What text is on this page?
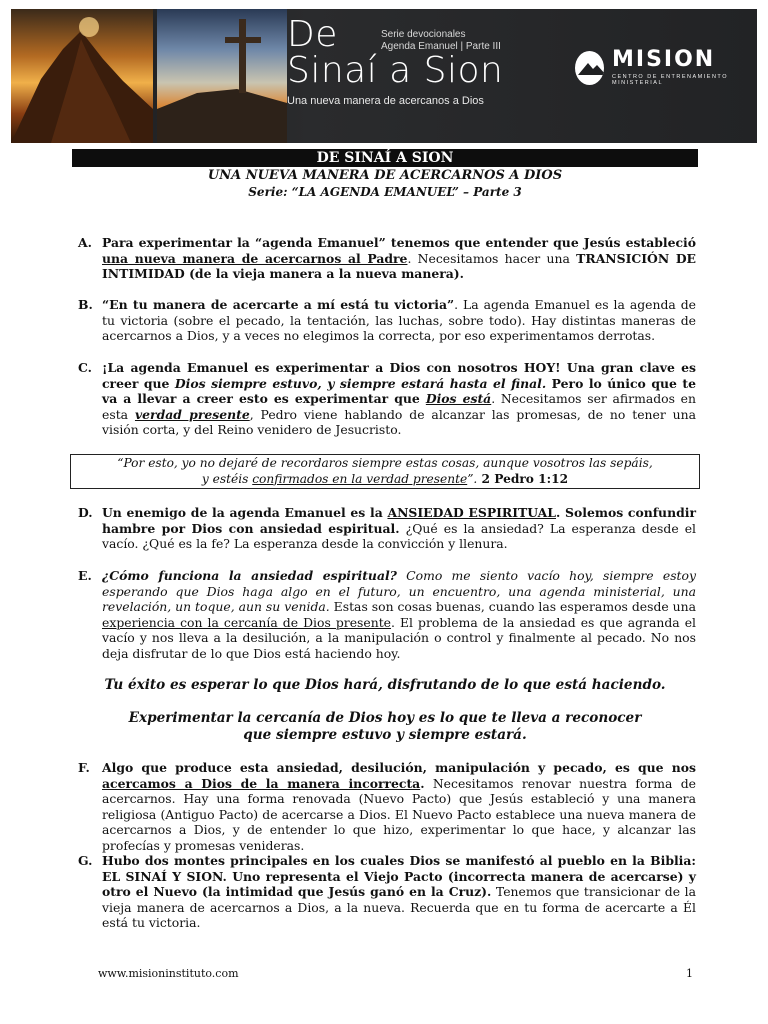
De
Sinaí a Sion
Una nueva manera de acercanos a Dios
Serie devocionales
Agenda Emanuel | Parte III
MISION
CENTRO DE ENTRENAMIENTO MINISTERIAL
DE SINAÍ A SION
UNA NUEVA MANERA DE ACERCARNOS A DIOS
Serie: “LA AGENDA EMANUEL” – Parte 3
A. Para experimentar la “agenda Emanuel” tenemos que entender que Jesús estableció una nueva manera de acercarnos al Padre. Necesitamos hacer una TRANSICIÓN DE INTIMIDAD (de la vieja manera a la nueva manera).
B. “En tu manera de acercarte a mí está tu victoria”. La agenda Emanuel es la agenda de tu victoria (sobre el pecado, la tentación, las luchas, sobre todo). Hay distintas maneras de acercarnos a Dios, y a veces no elegimos la correcta, por eso experimentamos derrotas.
C. ¡La agenda Emanuel es experimentar a Dios con nosotros HOY! Una gran clave es creer que Dios siempre estuvo, y siempre estará hasta el final. Pero lo único que te va a llevar a creer esto es experimentar que Dios está. Necesitamos ser afirmados en esta verdad presente, Pedro viene hablando de alcanzar las promesas, de no tener una visión corta, y del Reino venidero de Jesucristo.
“Por esto, yo no dejaré de recordaros siempre estas cosas, aunque vosotros las sepáis,
y estéis confirmados en la verdad presente”. 2 Pedro 1:12
D. Un enemigo de la agenda Emanuel es la ANSIEDAD ESPIRITUAL. Solemos confundir hambre por Dios con ansiedad espiritual. ¿Qué es la ansiedad? La esperanza desde el vacío. ¿Qué es la fe? La esperanza desde la convicción y llenura.
E. ¿Cómo funciona la ansiedad espiritual? Como me siento vacío hoy, siempre estoy esperando que Dios haga algo en el futuro, un encuentro, una agenda ministerial, una revelación, un toque, aun su venida. Estas son cosas buenas, cuando las esperamos desde una experiencia con la cercanía de Dios presente. El problema de la ansiedad es que agranda el vacío y nos lleva a la desilución, a la manipulación o control y finalmente al pecado. No nos deja disfrutar de lo que Dios está haciendo hoy.
Tu éxito es esperar lo que Dios hará, disfrutando de lo que está haciendo.
Experimentar la cercanía de Dios hoy es lo que te lleva a reconocer
que siempre estuvo y siempre estará.
F. Algo que produce esta ansiedad, desilución, manipulación y pecado, es que nos acercamos a Dios de la manera incorrecta. Necesitamos renovar nuestra forma de acercarnos. Hay una forma renovada (Nuevo Pacto) que Jesús estableció y una manera religiosa (Antiguo Pacto) de acercarse a Dios. El Nuevo Pacto establece una nueva manera de acercarnos a Dios, y de entender lo que hizo, experimentar lo que hace, y alcanzar las profecías y promesas venideras.
G. Hubo dos montes principales en los cuales Dios se manifestó al pueblo en la Biblia: EL SINAÍ Y SION. Uno representa el Viejo Pacto (incorrecta manera de acercarse) y otro el Nuevo (la intimidad que Jesús ganó en la Cruz). Tenemos que transicionar de la vieja manera de acercarnos a Dios, a la nueva. Recuerda que en tu forma de acercarte a Él está tu victoria.
www.misioninstituto.com	1
